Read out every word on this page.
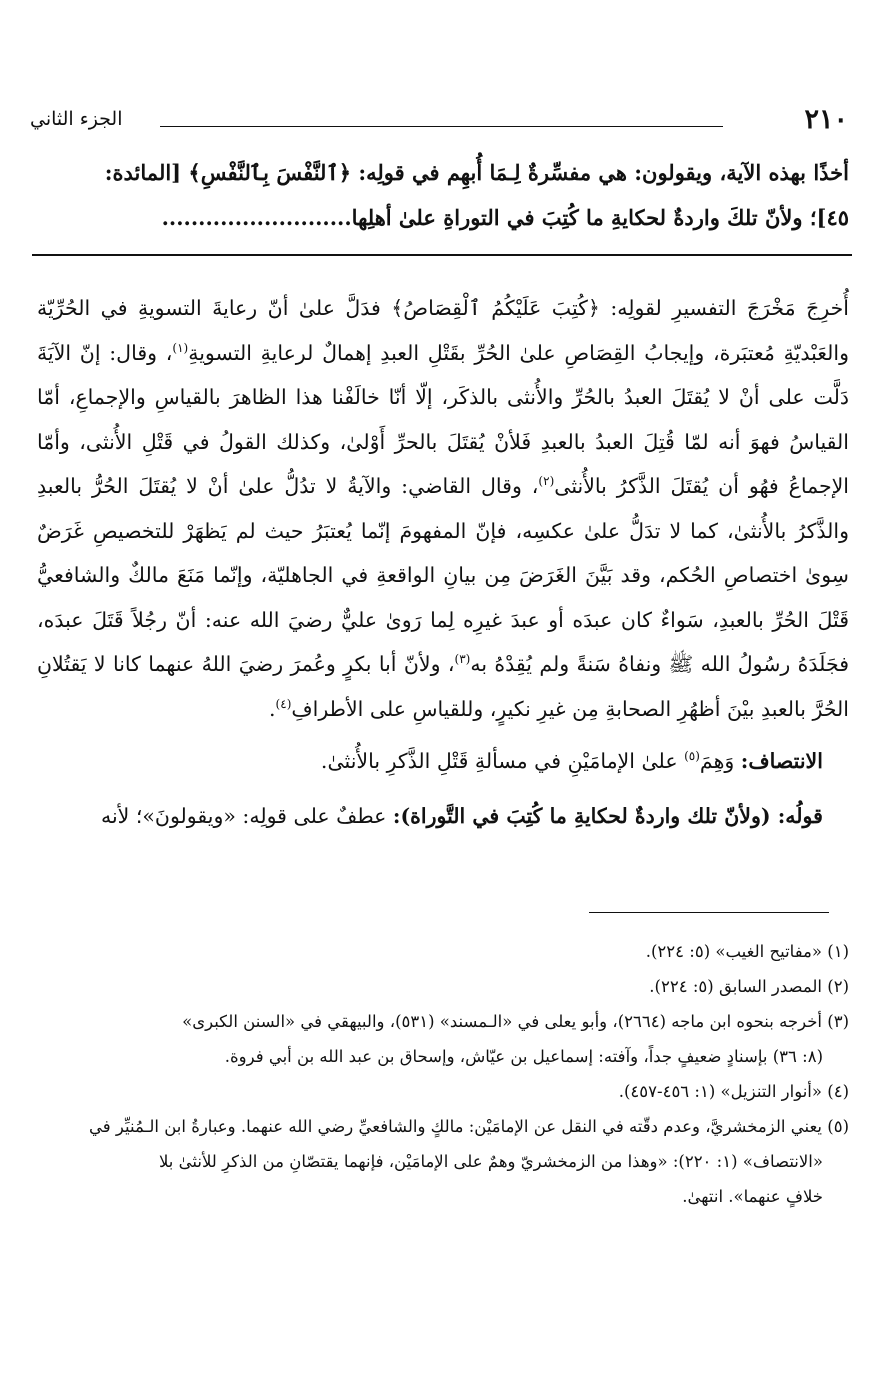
٢١٠
الجزء الثاني
أخذًا بهذه الآية، ويقولون: هي مفسِّرةٌ لِـمَا أُبهِم في قولِه: ﴿ٱلنَّفْسَ بِٱلنَّفْسِ﴾ [المائدة:
٤٥]؛ ولأنّ تلكَ واردةٌ لحكايةِ ما كُتِبَ في التوراةِ علىٰ أهلِها..........................

أُخرِجَ مَخْرَجَ التفسيرِ لقولِه: ﴿كُتِبَ عَلَيْكُمُ ٱلْقِصَاصُ﴾ فدَلَّ علىٰ أنّ رعايةَ التسويةِ في الحُرِّيّة والعَبْديّةِ مُعتبَرة، وإيجابُ القِصَاصِ علىٰ الحُرِّ بقَتْلِ العبدِ إهمالٌ لرعايةِ التسويةِ$^{(١)}$، وقال: إنّ الآيَةَ دَلَّت على أنْ لا يُقتَلَ العبدُ بالحُرِّ والأُنثى بالذكَر، إلّا أنّا خالَفْنا هذا الظاهرَ بالقياسِ والإجماعِ، أمّا القياسُ فهوَ أنه لمّا قُتِلَ العبدُ بالعبدِ فَلأنْ يُقتَلَ بالحرِّ أَوْلىٰ، وكذلك القولُ في قَتْلِ الأُنثى، وأمّا الإجماعُ فهُو أن يُقتَلَ الذَّكرُ بالأُنثى$^{(٢)}$، وقال القاضي: والآيةُ لا تدُلُّ علىٰ أنْ لا يُقتَلَ الحُرُّ بالعبدِ والذَّكرُ بالأُنثىٰ، كما لا تدَلُّ علىٰ عكسِه، فإنّ المفهومَ إنّما يُعتبَرُ حيث لم يَظهَرْ للتخصيصِ غَرَضٌ سِوىٰ اختصاصِ الحُكم، وقد بَيَّنَ الغَرَضَ مِن بيانِ الواقعةِ في الجاهليّة، وإنّما مَنَعَ مالكٌ والشافعيُّ قَتْلَ الحُرِّ بالعبدِ، سَواءٌ كان عبدَه أو عبدَ غيرِه لِما رَوىٰ عليٌّ رضيَ الله عنه: أنّ رجُلاً قَتَلَ عبدَه، فجَلَدَهُ رسُولُ الله ﷺ ونفاهُ سَنةً ولم يُقِدْهُ به$^{(٣)}$، ولأنّ أبا بكرٍ وعُمرَ رضيَ اللهُ عنهما كانا لا يَقتُلانِ الحُرَّ بالعبدِ بيْنَ أظهُرِ الصحابةِ مِن غيرِ نكيرٍ، وللقياسِ على الأطرافِ$^{(٤)}$.

الانتصاف: وَهِمَ$^{(٥)}$ علىٰ الإمامَيْنِ في مسألةِ قَتْلِ الذَّكرِ بالأُنثىٰ.

قولُه: (ولأنّ تلك واردةٌ لحكايةِ ما كُتِبَ في التَّوراة): عطفٌ على قولِه: «ويقولونَ»؛ لأنه

(١) «مفاتيح الغيب» (٥: ٢٢٤).

(٢) المصدر السابق (٥: ٢٢٤).

(٣) أخرجه بنحوه ابن ماجه (٢٦٦٤)، وأبو يعلى في «الـمسند» (٥٣١)، والبيهقي في «السنن الكبرى»

(٨: ٣٦) بإسنادٍ ضعيفٍ جداً، وآفته: إسماعيل بن عيّاش، وإسحاق بن عبد الله بن أبي فروة.

(٤) «أنوار التنزيل» (١: ٤٥٦-٤٥٧).

(٥) يعني الزمخشريَّ، وعدم دقّته في النقل عن الإمامَيْن: مالكٍ والشافعيِّ رضي الله عنهما. وعبارةُ ابن الـمُنيِّر في

«الانتصاف» (١: ٢٢٠): «وهذا من الزمخشريّ وهمٌ على الإمامَيْن، فإنهما يقتصّانِ من الذكرِ للأنثىٰ بلا

خلافٍ عنهما». انتهىٰ.
